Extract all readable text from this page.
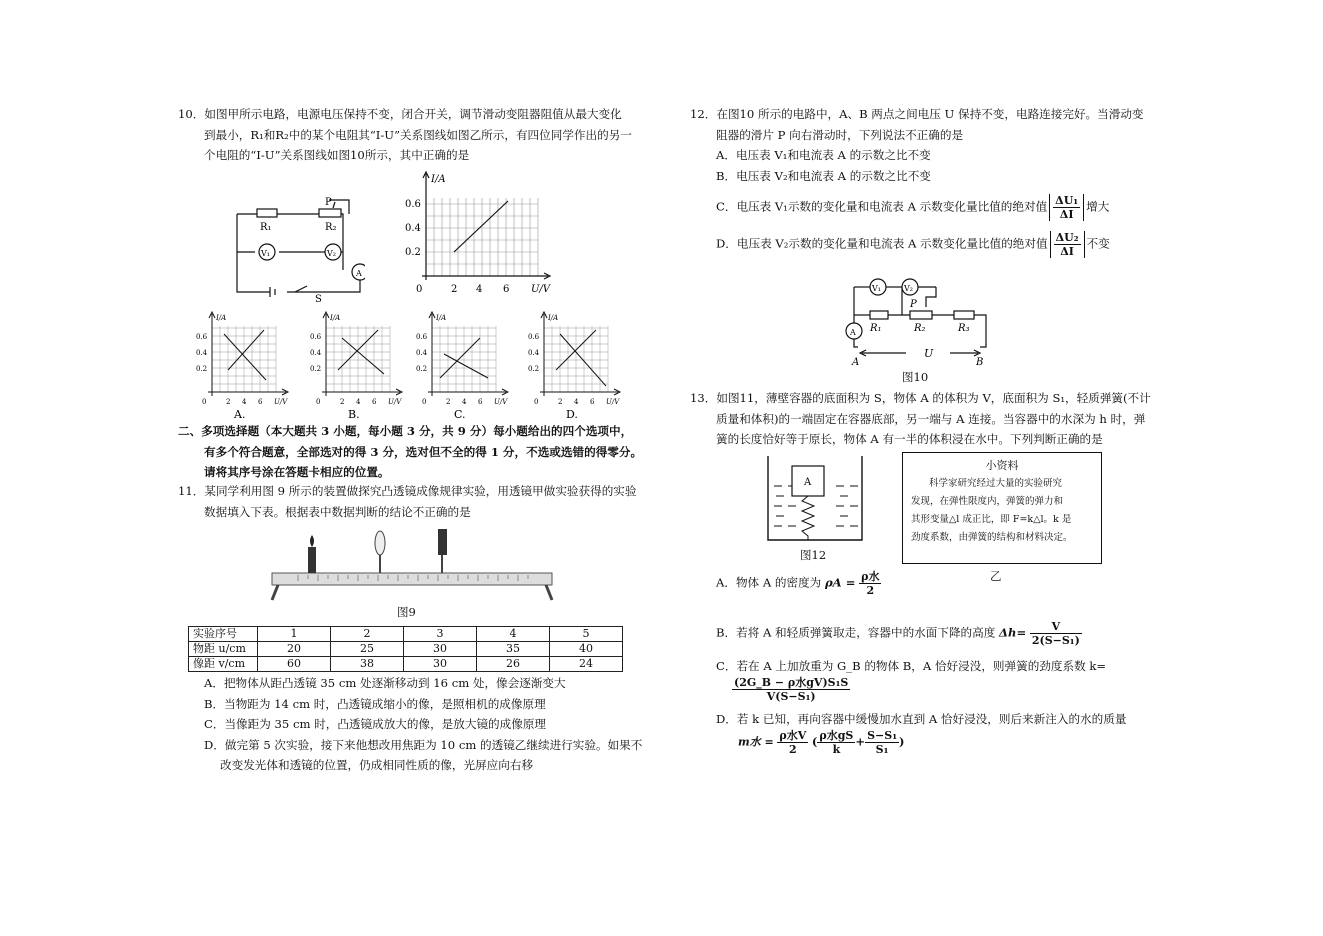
10．如图甲所示电路，电源电压保持不变，闭合开关，调节滑动变阻器阻值从最大变化

到最小，R₁和R₂中的某个电阻其“I-U”关系图线如图乙所示，有四位同学作出的另一

个电阻的“I-U”关系图线如图10所示，其中正确的是

R₁	R₂
P
V₁	V₂
A
S
I/A
U/V
0.6
0.4
0.2
0	2 4 6
I/A
U/V
0.6
0.4
0.2
0	2 4 6
A.
I/A
U/V
0.6
0.4
0.2
0	2 4 6
B.
I/A
U/V
0.6
0.4
0.2
0	2 4 6
C.
I/A
U/V
0.6
0.4
0.2
0	2 4 6
D.

二、多项选择题（本大题共 3 小题，每小题 3 分，共 9 分）每小题给出的四个选项中，

有多个符合题意，全部选对的得 3 分，选对但不全的得 1 分，不选或选错的得零分。

请将其序号涂在答题卡相应的位置。

11．某同学利用图 9 所示的装置做探究凸透镜成像规律实验，用透镜甲做实验获得的实验

数据填入下表。根据表中数据判断的结论不正确的是

图9
实验序号	1	2	3	4	5
物距 u/cm	20	25	30	35	40
像距 v/cm	60	38	30	26	24

A．把物体从距凸透镜 35 cm 处逐渐移动到 16 cm 处，像会逐渐变大

B．当物距为 14 cm 时，凸透镜成缩小的像，是照相机的成像原理

C．当像距为 35 cm 时，凸透镜成放大的像，是放大镜的成像原理

D．做完第 5 次实验，接下来他想改用焦距为 10 cm 的透镜乙继续进行实验。如果不

改变发光体和透镜的位置，仍成相同性质的像，光屏应向右移

12．在图10 所示的电路中，A、B 两点之间电压 U 保持不变，电路连接完好。当滑动变

阻器的滑片 P 向右滑动时，下列说法不正确的是

A．电压表 V₁和电流表 A 的示数之比不变

B．电压表 V₂和电流表 A 的示数之比不变

C．电压表 V₁示数的变化量和电流表 A 示数变化量比值的绝对值 $\frac{\text{ΔU₁}}{\Delta I}$ 增大

D．电压表 V₂示数的变化量和电流表 A 示数变化量比值的绝对值 $\frac{\text{ΔU₂}}{\Delta I}$ 不变

V₁	V₂
P
A R₁	R₂	R₃
U
A	B
图10

13．如图11，薄壁容器的底面积为 S，物体 A 的体积为 V，底面积为 S₁，轻质弹簧(不计

质量和体积)的一端固定在容器底部，另一端与 A 连接。当容器中的水深为 h 时，弹

簧的长度恰好等于原长，物体 A 有一半的体积浸在水中。下列判断正确的是

A
图12
小资料
科学家研究经过大量的实验研究
发现，在弹性限度内，弹簧的弹力和
其形变量△l 成正比，即 F=k△l。k 是
劲度系数，由弹簧的结构和材料决定。
乙
A．物体 A 的密度为 $\rho A = \frac{\text{ρ水}}{2}$
B．若将 A 和轻质弹簧取走，容器中的水面下降的高度 $\Delta h= \frac{V}{\text{2(S−S₁)}}$
C．若在 A 上加放重为 G_B 的物体 B，A 恰好浸没，则弹簧的劲度系数 k=
$\frac{\text{(2G\_B − ρ水gV)S₁S}}{\text{V(S−S₁)}}$
D．若 k 已知，再向容器中缓慢加水直到 A 恰好浸没，则后来新注入的水的质量
m水 = $\frac{\text{ρ水V}}{2}$ ( $\frac{\text{ρ水gS}}{k} + \frac{\text{S−S₁}}{\text{S₁}}$ )
